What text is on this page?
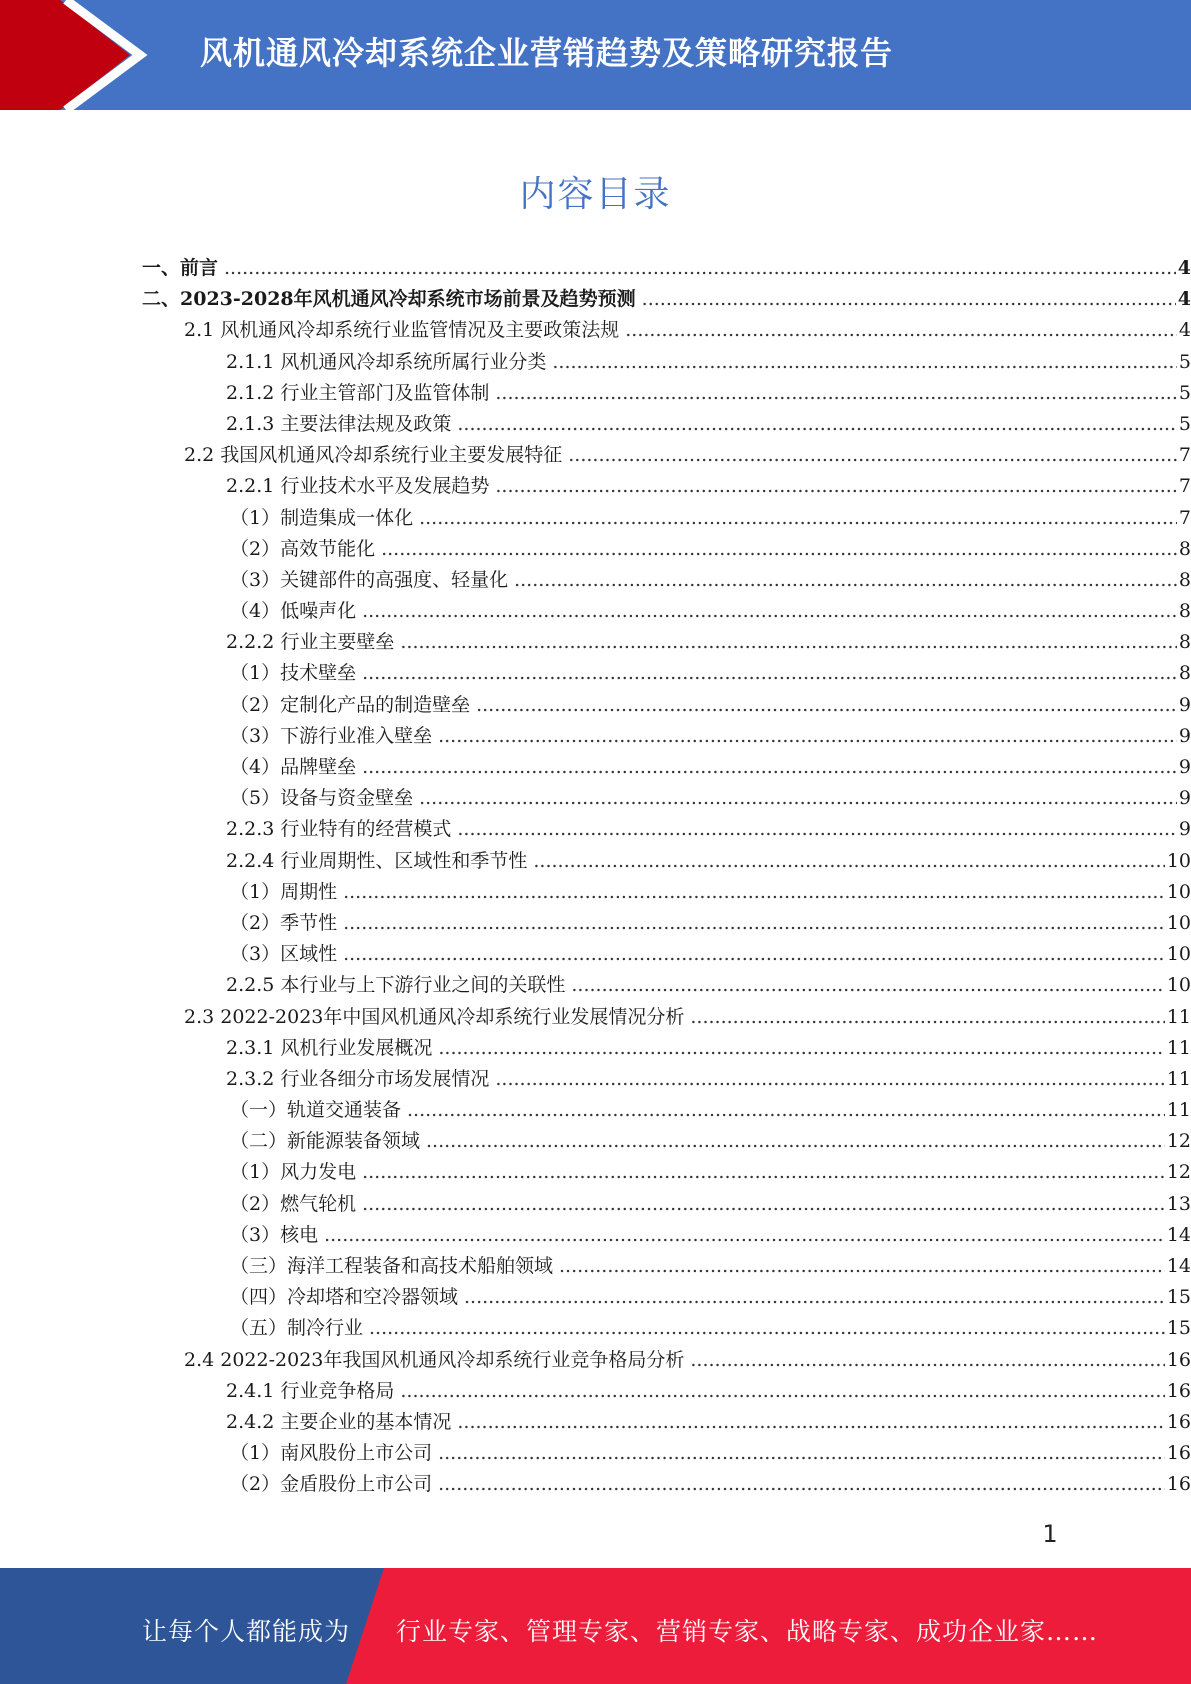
风机通风冷却系统企业营销趋势及策略研究报告
内容目录
一、前言 .....	4
二、2023-2028年风机通风冷却系统市场前景及趋势预测 .....	4
2.1 风机通风冷却系统行业监管情况及主要政策法规 .....	4
2.1.1 风机通风冷却系统所属行业分类 .....	5
2.1.2 行业主管部门及监管体制 .....	5
2.1.3 主要法律法规及政策 .....	5
2.2 我国风机通风冷却系统行业主要发展特征 .....	7
2.2.1 行业技术水平及发展趋势 .....	7
（1）制造集成一体化 .....	7
（2）高效节能化 .....	8
（3）关键部件的高强度、轻量化 .....	8
（4）低噪声化 .....	8
2.2.2 行业主要壁垒 .....	8
（1）技术壁垒 .....	8
（2）定制化产品的制造壁垒 .....	9
（3）下游行业准入壁垒 .....	9
（4）品牌壁垒 .....	9
（5）设备与资金壁垒 .....	9
2.2.3 行业特有的经营模式 .....	9
2.2.4 行业周期性、区域性和季节性 .....	10
（1）周期性 .....	10
（2）季节性 .....	10
（3）区域性 .....	10
2.2.5 本行业与上下游行业之间的关联性 .....	10
2.3 2022-2023年中国风机通风冷却系统行业发展情况分析 .....	11
2.3.1 风机行业发展概况 .....	11
2.3.2 行业各细分市场发展情况 .....	11
（一）轨道交通装备 .....	11
（二）新能源装备领域 .....	12
（1）风力发电 .....	12
（2）燃气轮机 .....	13
（3）核电 .....	14
（三）海洋工程装备和高技术船舶领域 .....	14
（四）冷却塔和空冷器领域 .....	15
（五）制冷行业 .....	15
2.4 2022-2023年我国风机通风冷却系统行业竞争格局分析 .....	16
2.4.1 行业竞争格局 .....	16
2.4.2 主要企业的基本情况 .....	16
（1）南风股份上市公司 .....	16
（2）金盾股份上市公司 .....	16
1
让每个人都能成为 行业专家、管理专家、营销专家、战略专家、成功企业家……
